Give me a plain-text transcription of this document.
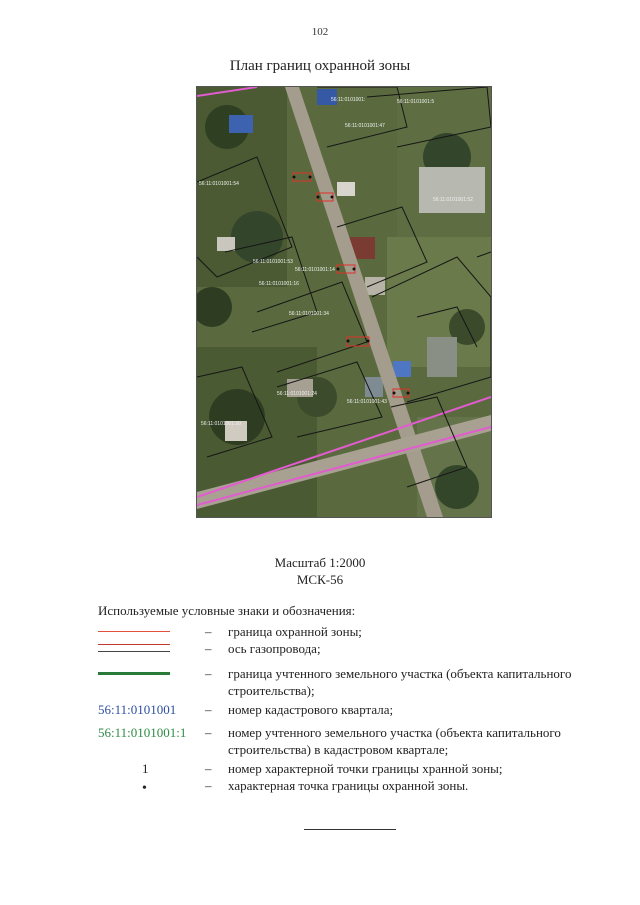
102
План границ охранной зоны
56:11:0101001:	56:11:0101001:5
56:11:0101001:54
56:11:0101001:47
56:11:0101001:52
56:11:0101001:53
56:11:0101001:14
56:11:0101001:16
56:11:0101001:34
56:11:0101001:24
56:11:0101001:43
56:11:0101001:20
Масштаб 1:2000
МСК-56
Используемые условные знаки и обозначения:
– граница охранной зоны;
– ось газопровода;
– граница учтенного земельного участка (объекта капитального строительства);
56:11:0101001	– номер кадастрового квартала;
56:11:0101001:1	– номер учтенного земельного участка (объекта капитального строительства) в кадастровом квартале;
1	– номер характерной точки границы хранной зоны;
•	– характерная точка границы охранной зоны.
